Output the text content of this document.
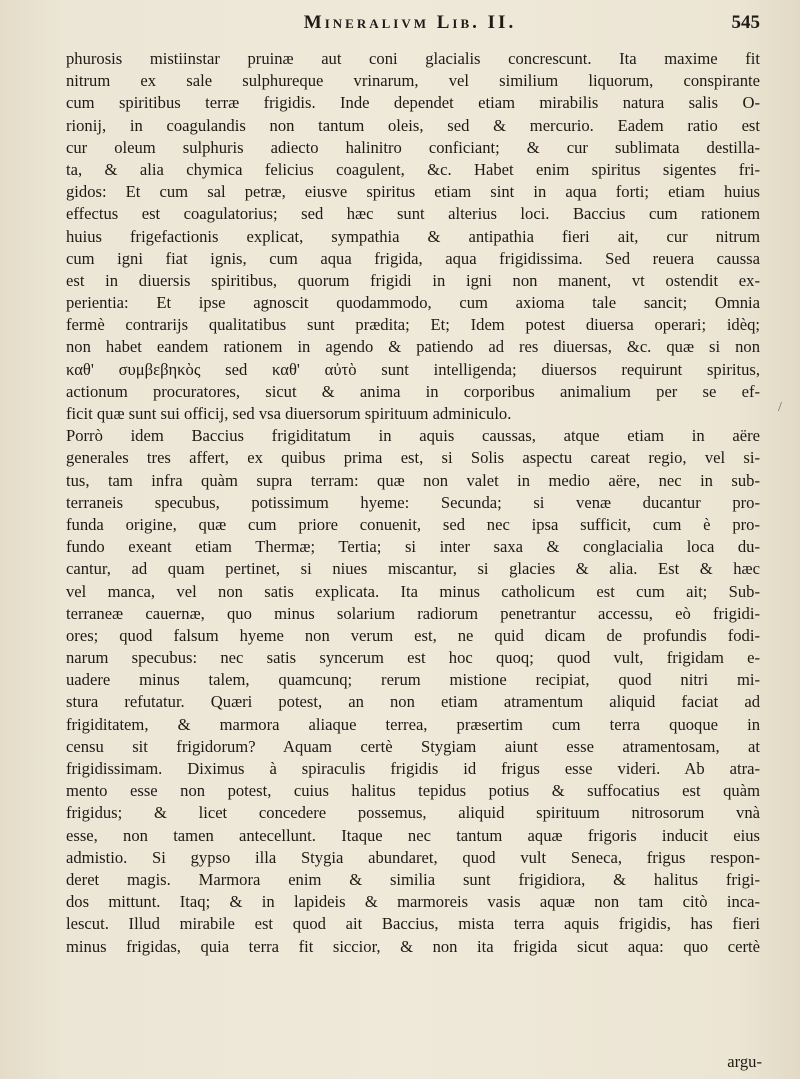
Mineralivm Lib. II.	545
phurosis mistiinstar pruinæ aut coni glacialis concrescunt. Ita maxime fit
nitrum ex sale sulphureque vrinarum, vel similium liquorum, conspirante
cum spiritibus terræ frigidis. Inde dependet etiam mirabilis natura salis O-
rionij, in coagulandis non tantum oleis, sed & mercurio. Eadem ratio est
cur oleum sulphuris adiecto halinitro conficiant; & cur sublimata destilla-
ta, & alia chymica felicius coagulent, &c. Habet enim spiritus sigentes fri-
gidos: Et cum sal petræ, eiusve spiritus etiam sint in aqua forti; etiam huius
effectus est coagulatorius; sed hæc sunt alterius loci. Baccius cum rationem
huius frigefactionis explicat, sympathia & antipathia fieri ait, cur nitrum
cum igni fiat ignis, cum aqua frigida, aqua frigidissima. Sed reuera caussa
est in diuersis spiritibus, quorum frigidi in igni non manent, vt ostendit ex-
perientia: Et ipse agnoscit quodammodo, cum axioma tale sancit; Omnia
fermè contrarijs qualitatibus sunt prædita; Et; Idem potest diuersa operari; idèq;
non habet eandem rationem in agendo & patiendo ad res diuersas, &c. quæ si non
καθ' συμβεβηκὸς sed καθ' αὐτὸ sunt intelligenda; diuersos requirunt spiritus,
actionum procuratores, sicut & anima in corporibus animalium per se ef-
ficit quæ sunt sui officij, sed vsa diuersorum spirituum adminiculo.
Porrò idem Baccius frigiditatum in aquis caussas, atque etiam in aëre
generales tres affert, ex quibus prima est, si Solis aspectu careat regio, vel si-
tus, tam infra quàm supra terram: quæ non valet in medio aëre, nec in sub-
terraneis specubus, potissimum hyeme: Secunda; si venæ ducantur pro-
funda origine, quæ cum priore conuenit, sed nec ipsa sufficit, cum è pro-
fundo exeant etiam Thermæ; Tertia; si inter saxa & conglacialia loca du-
cantur, ad quam pertinet, si niues miscantur, si glacies & alia. Est & hæc
vel manca, vel non satis explicata. Ita minus catholicum est cum ait; Sub-
terraneæ cauernæ, quo minus solarium radiorum penetrantur accessu, eò frigidi-
ores; quod falsum hyeme non verum est, ne quid dicam de profundis fodi-
narum specubus: nec satis syncerum est hoc quoq; quod vult, frigidam e-
uadere minus talem, quamcunq; rerum mistione recipiat, quod nitri mi-
stura refutatur. Quæri potest, an non etiam atramentum aliquid faciat ad
frigiditatem, & marmora aliaque terrea, præsertim cum terra quoque in
censu sit frigidorum? Aquam certè Stygiam aiunt esse atramentosam, at
frigidissimam. Diximus à spiraculis frigidis id frigus esse videri. Ab atra-
mento esse non potest, cuius halitus tepidus potius & suffocatius est quàm
frigidus; & licet concedere possemus, aliquid spirituum nitrosorum vnà
esse, non tamen antecellunt. Itaque nec tantum aquæ frigoris inducit eius
admistio. Si gypso illa Stygia abundaret, quod vult Seneca, frigus respon-
deret magis. Marmora enim & similia sunt frigidiora, & halitus frigi-
dos mittunt. Itaq; & in lapideis & marmoreis vasis aquæ non tam citò inca-
lescut. Illud mirabile est quod ait Baccius, mista terra aquis frigidis, has fieri
minus frigidas, quia terra fit siccior, & non ita frigida sicut aqua: quo certè
/
argu-
